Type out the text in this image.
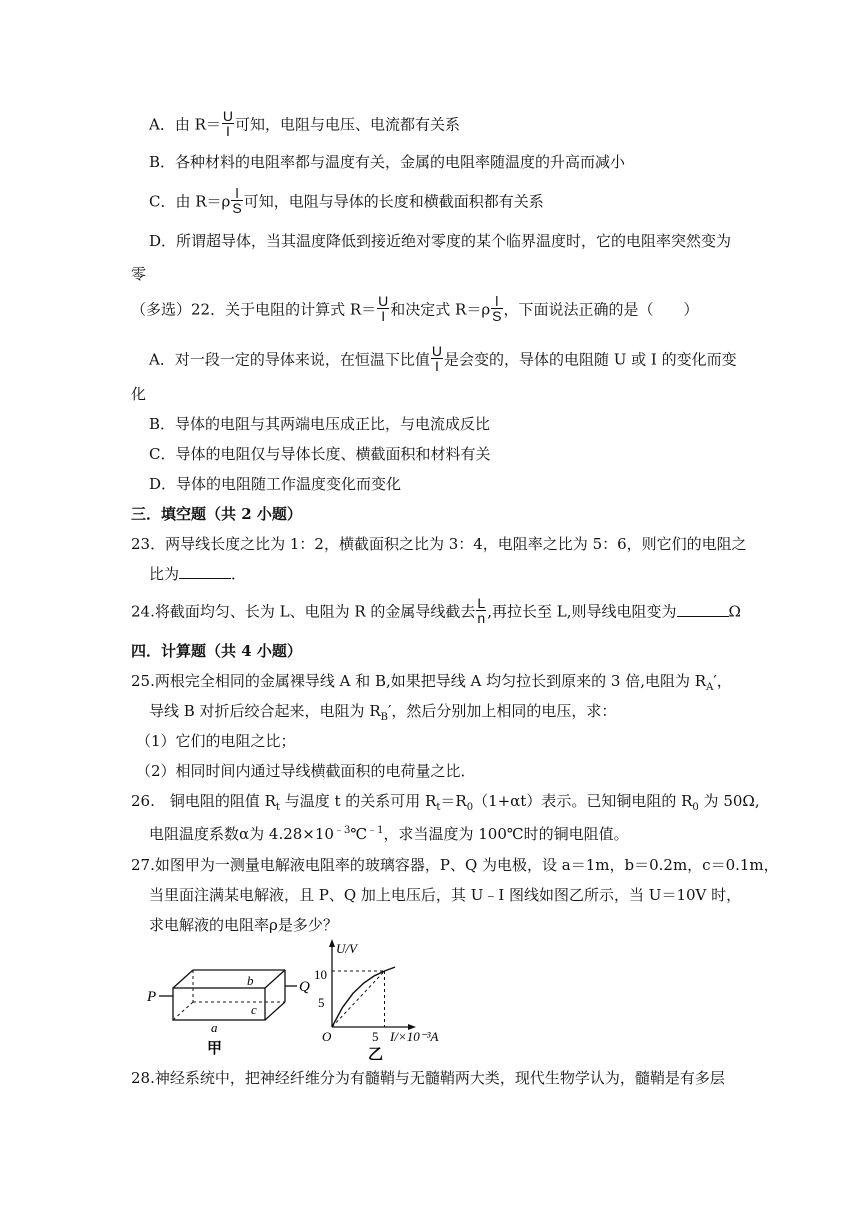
A．由 $R= \frac{U}{I}$ 可知，电阻与电压、电流都有关系
B．各种材料的电阻率都与温度有关，金属的电阻率随温度的升高而减小
C．由 $R=\rho \frac{l}{S}$ 可知，电阻与导体的长度和横截面积都有关系
D．所谓超导体，当其温度降低到接近绝对零度的某个临界温度时，它的电阻率突然变为
零
（多选）22．关于电阻的计算式 $R= \frac{U}{I}$ 和决定式 $R=\rho \frac{l}{S}$ ，下面说法正确的是（　　）
A．对一段一定的导体来说，在恒温下比值 $\frac{U}{I}$ 是会变的，导体的电阻随 U 或 I 的变化而变
化
B．导体的电阻与其两端电压成正比，与电流成反比
C．导体的电阻仅与导体长度、横截面积和材料有关
D．导体的电阻随工作温度变化而变化
三．填空题（共 2 小题）
23．两导线长度之比为 1：2，横截面积之比为 3：4，电阻率之比为 5：6，则它们的电阻之
比为	．
24.将截面均匀、长为 L、电阻为 R 的金属导线截去 $\frac{L}{n}$ ,再拉长至 L,则导线电阻变为	Ω
四．计算题（共 4 小题）
25.两根完全相同的金属裸导线 A 和 B,如果把导线 A 均匀拉长到原来的 3 倍,电阻为 $R_A'$，
导线 B 对折后绞合起来，电阻为 $R_B'$，然后分别加上相同的电压，求：
（1）它们的电阻之比；
（2）相同时间内通过导线横截面积的电荷量之比．
26.　铜电阻的阻值 $R_t$ 与温度 t 的关系可用 $R_t=R_0(1+\alpha t)$表示。已知铜电阻的 $R_0$ 为 50Ω,
电阻温度系数α为 $4.28\times 10^{﹣3}℃^{﹣1}$，求当温度为 100℃时的铜电阻值。
27.如图甲为一测量电解液电阻率的玻璃容器，P、Q 为电极，设 a＝1m，b＝0.2m，c＝0.1m，
当里面注满某电解液，且 P、Q 加上电压后，其 U﹣I 图线如图乙所示，当 U＝10V 时，
求电解液的电阻率ρ是多少？
P
Q
b
c
a
甲
U/V
O
10
5
5 I/×10⁻³A
乙
28.神经系统中，把神经纤维分为有髓鞘与无髓鞘两大类，现代生物学认为，髓鞘是有多层
